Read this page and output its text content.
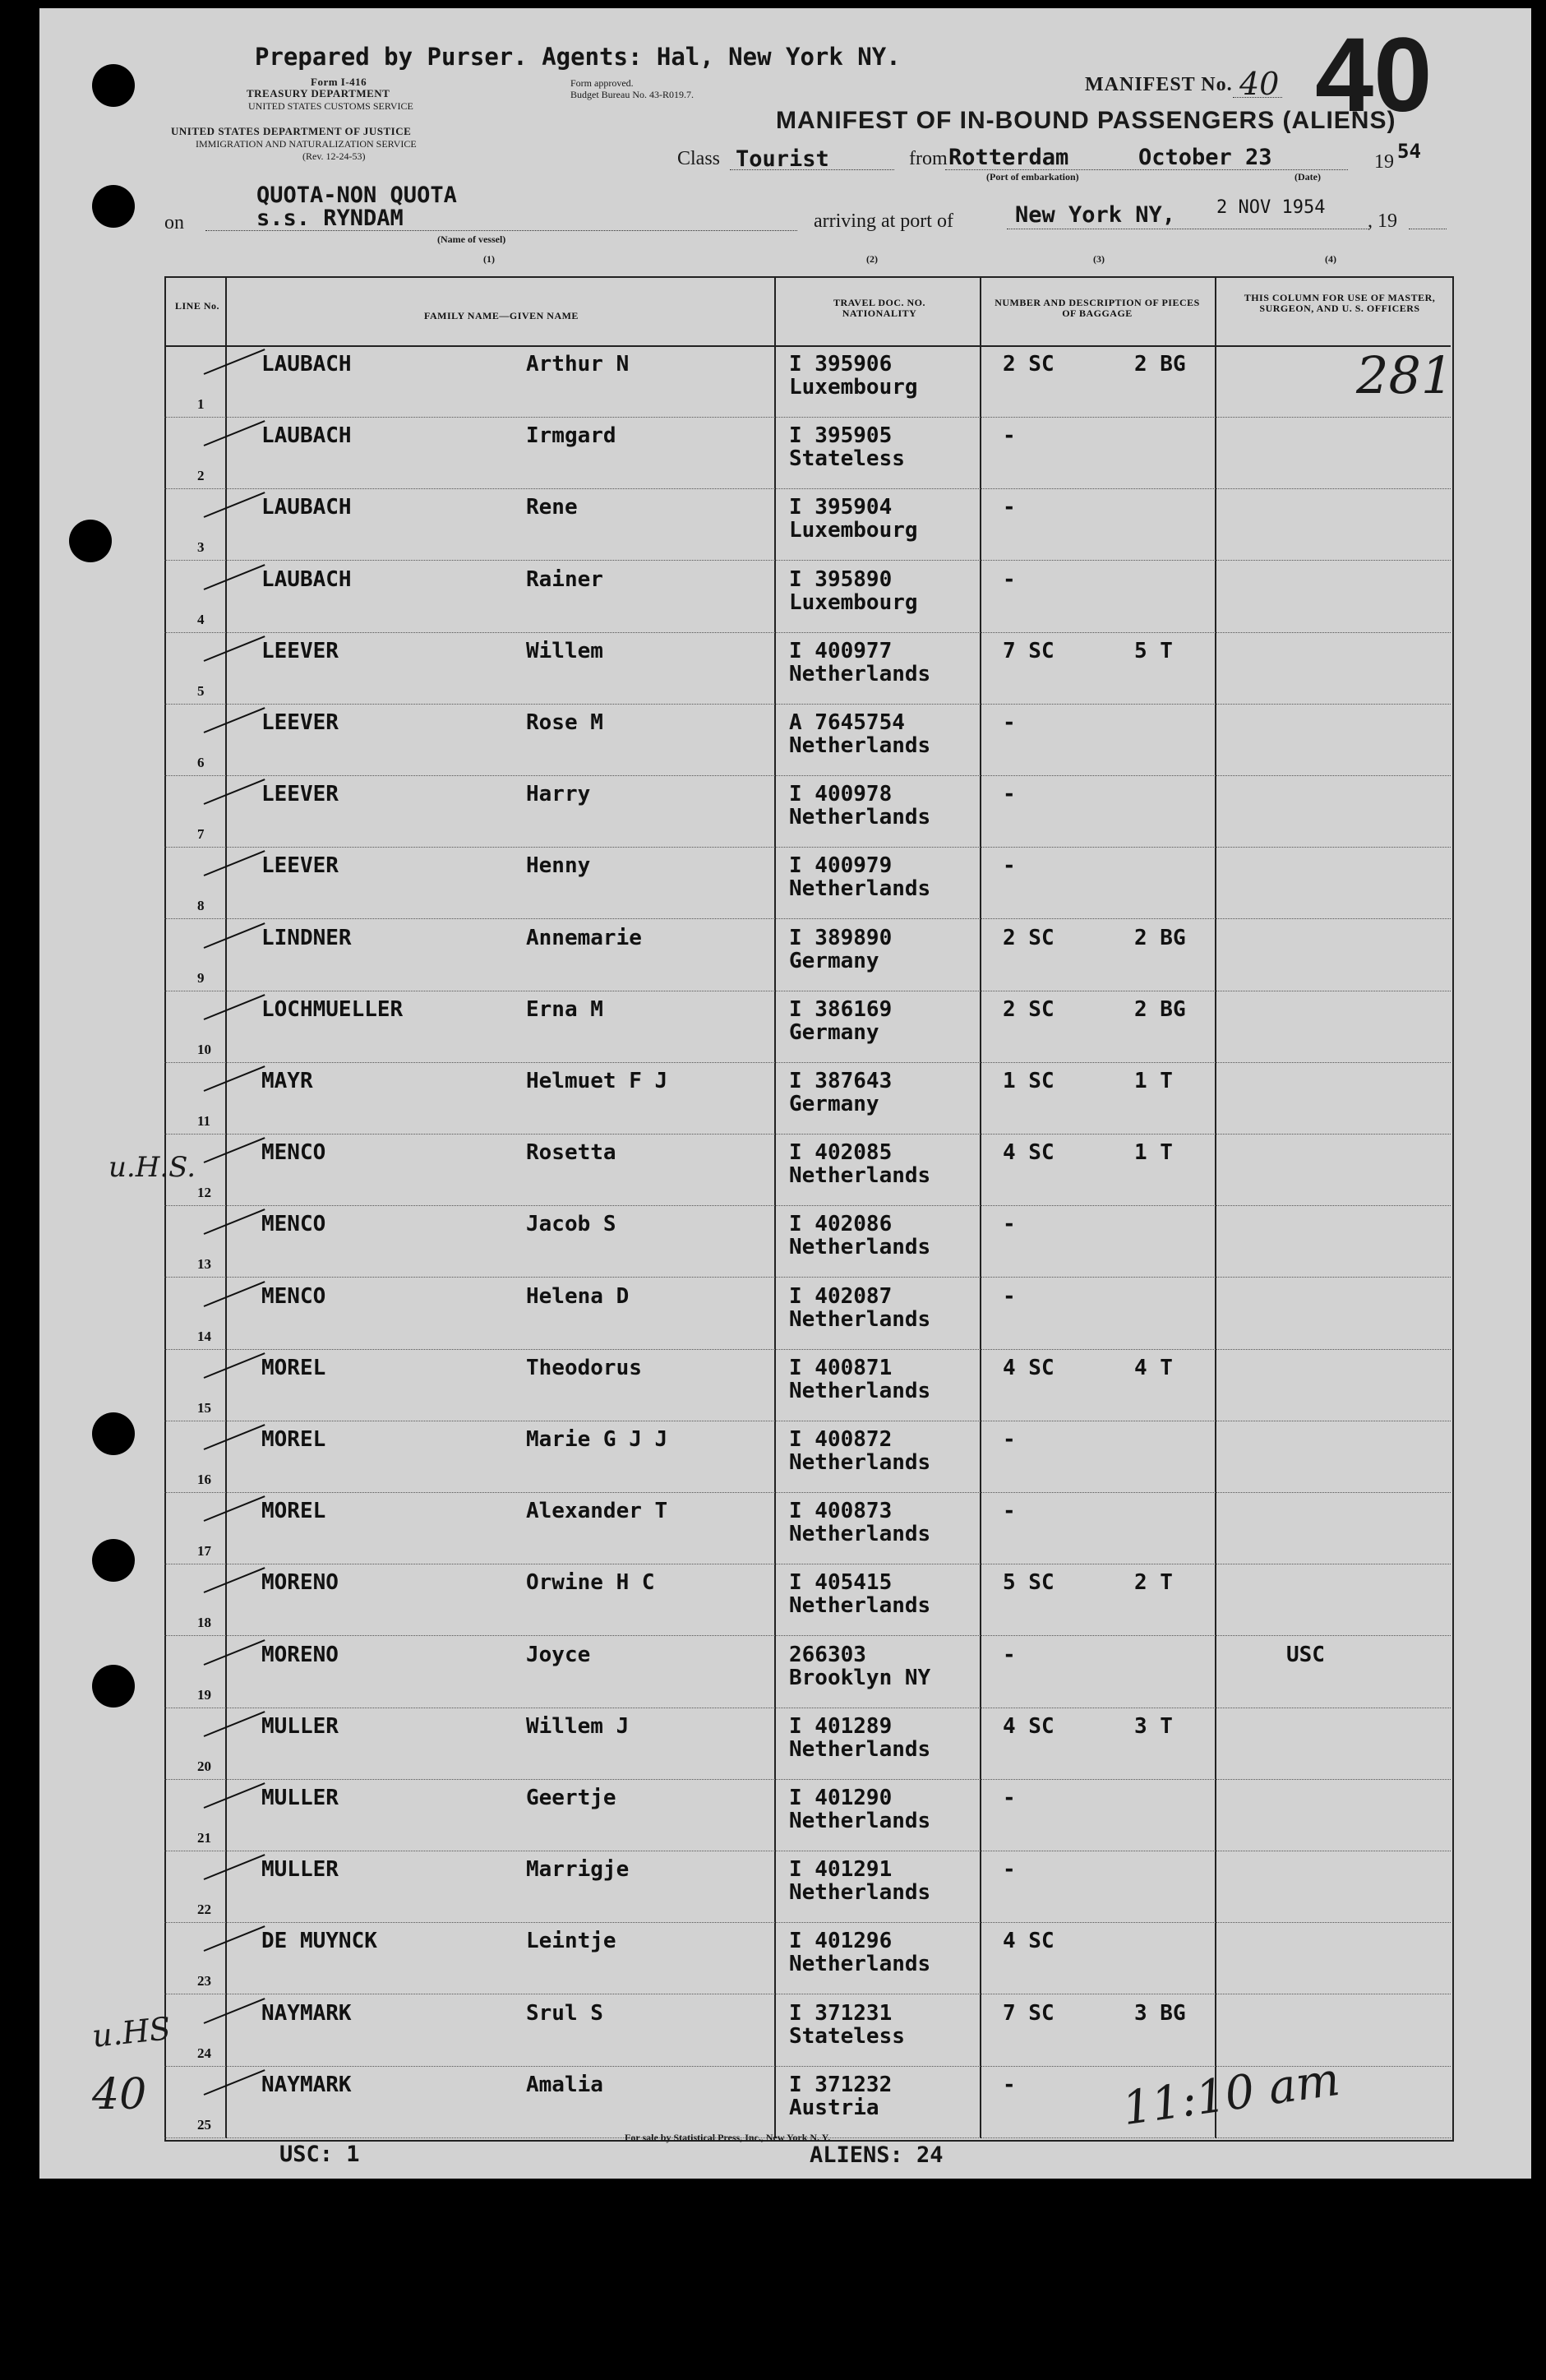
Prepared by Purser. Agents: Hal, New York NY.
Form I-416
TREASURY DEPARTMENT
UNITED STATES CUSTOMS SERVICE
Form approved.
Budget Bureau No. 43-R019.7.
UNITED STATES DEPARTMENT OF JUSTICE
IMMIGRATION AND NATURALIZATION SERVICE
(Rev. 12-24-53)
MANIFEST No. 40 40
MANIFEST OF IN-BOUND PASSENGERS (ALIENS)
Class Tourist	from Rotterdam	October 23
(Port of embarkation)	(Date)
19 54
QUOTA-NON QUOTA
on	s.s. RYNDAM
(Name of vessel)
arriving at port of	New York NY, 2 NOV 1954
, 19
(1)	(2)	(3)	(4)
LINE No.
FAMILY NAME—GIVEN NAME
TRAVEL DOC. NO. NATIONALITY
NUMBER AND DESCRIPTION OF PIECES OF BAGGAGE
THIS COLUMN FOR USE OF MASTER, SURGEON, AND U. S. OFFICERS
281
1
LAUBACH	Arthur N	I 395906
Luxembourg
2 SC	2 BG
2
LAUBACH	Irmgard	I 395905
Stateless
-
3
LAUBACH	Rene	I 395904
Luxembourg
-
4
LAUBACH	Rainer	I 395890
Luxembourg
-
5
LEEVER	Willem	I 400977
Netherlands
7 SC	5 T
6
LEEVER	Rose M	A 7645754
Netherlands
-
7
LEEVER	Harry	I 400978
Netherlands
-
8
LEEVER	Henny	I 400979
Netherlands
-
9
LINDNER	Annemarie	I 389890
Germany
2 SC	2 BG
10
LOCHMUELLER	Erna M	I 386169
Germany
2 SC	2 BG
11
MAYR	Helmuet F J	I 387643
Germany
1 SC	1 T
12
MENCO	Rosetta	I 402085
Netherlands
4 SC	1 T
13
MENCO	Jacob S	I 402086
Netherlands
-
14
MENCO	Helena D	I 402087
Netherlands
-
15
MOREL	Theodorus	I 400871
Netherlands
4 SC	4 T
16
MOREL	Marie G J J	I 400872
Netherlands
-
17
MOREL	Alexander T	I 400873
Netherlands
-
18
MORENO	Orwine H C	I 405415
Netherlands
5 SC	2 T
19
MORENO	Joyce	266303
Brooklyn NY
-	USC
20
MULLER	Willem J	I 401289
Netherlands
4 SC	3 T
21
MULLER	Geertje	I 401290
Netherlands
-
22
MULLER	Marrigje	I 401291
Netherlands
-
23
DE MUYNCK	Leintje	I 401296
Netherlands
4 SC
24
NAYMARK	Srul S	I 371231
Stateless
7 SC	3 BG
25
NAYMARK	Amalia	I 371232
Austria
-
u.H.S.
u.HS
40	11:10 am
USC: 1
For sale by Statistical Press, Inc., New York N. Y.
ALIENS: 24
